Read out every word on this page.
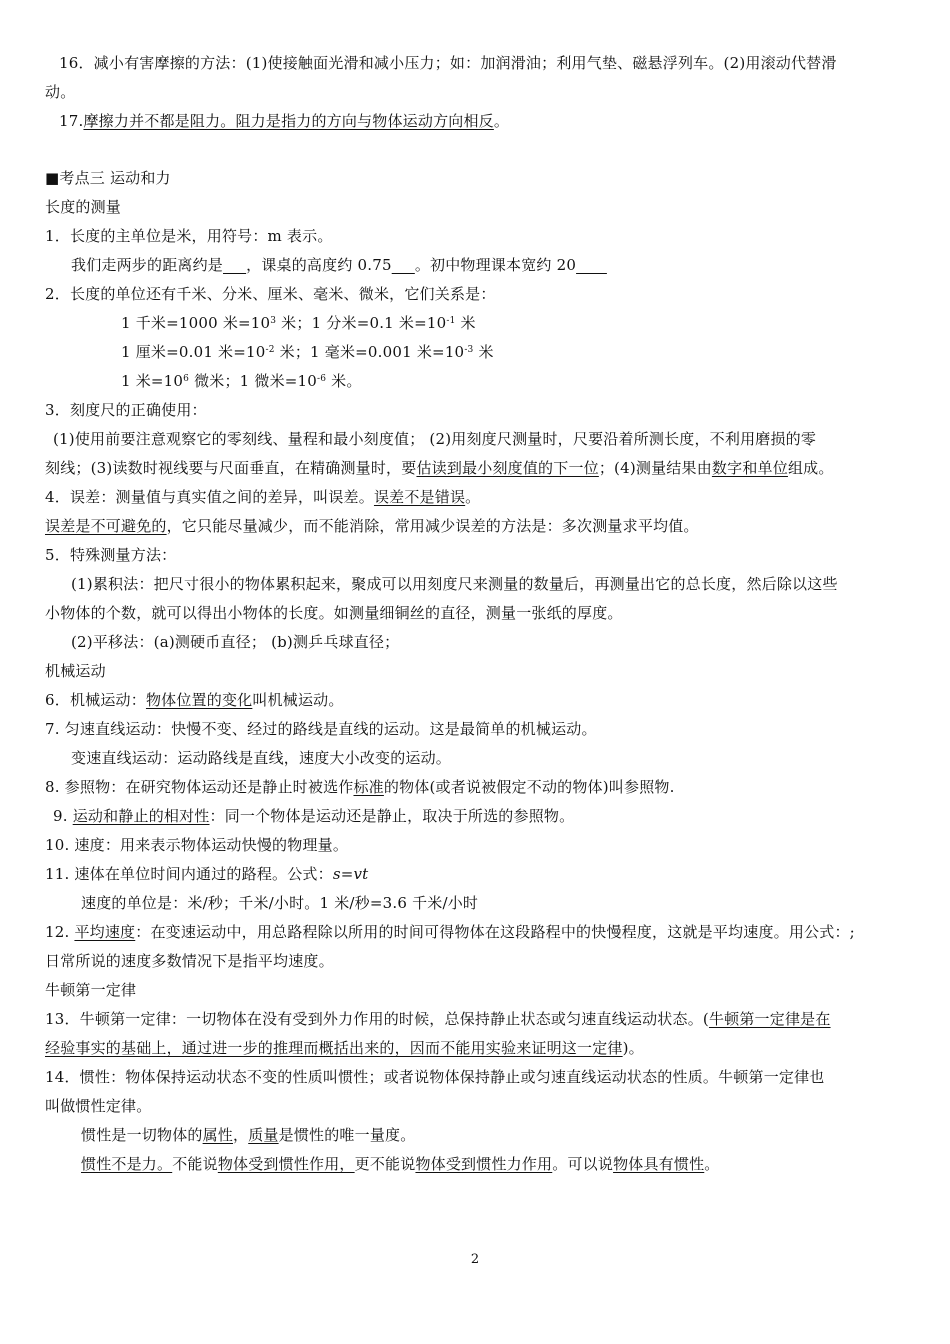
16．减小有害摩擦的方法：(1)使接触面光滑和减小压力；如：加润滑油；利用气垫、磁悬浮列车。(2)用滚动代替滑
动。
17.摩擦力并不都是阻力。阻力是指力的方向与物体运动方向相反。
■考点三 运动和力
长度的测量
1．长度的主单位是米，用符号：m 表示。
我们走两步的距离约是    ，课桌的高度约 0.75    。初中物理课本宽约 20    
2．长度的单位还有千米、分米、厘米、毫米、微米，它们关系是：
1 千米=1000 米$=10^3$ 米；1 分米=0.1 米$=10^{-1}$ 米
1 厘米=0.01 米$=10^{-2}$ 米；1 毫米=0.001 米$=10^{-3}$ 米
1 米$=10^6$ 微米；1 微米$=10^{-6}$ 米。
3．刻度尺的正确使用：
(1)使用前要注意观察它的零刻线、量程和最小刻度值； (2)用刻度尺测量时，尺要沿着所测长度，不利用磨损的零
刻线；(3)读数时视线要与尺面垂直，在精确测量时，要估读到最小刻度值的下一位；(4)测量结果由数字和单位组成。
4．误差：测量值与真实值之间的差异，叫误差。误差不是错误。
误差是不可避免的，它只能尽量减少，而不能消除，常用减少误差的方法是：多次测量求平均值。
5．特殊测量方法：
(1)累积法：把尺寸很小的物体累积起来，聚成可以用刻度尺来测量的数量后，再测量出它的总长度，然后除以这些
小物体的个数，就可以得出小物体的长度。如测量细铜丝的直径，测量一张纸的厚度。
(2)平移法：(a)测硬币直径； (b)测乒乓球直径；
机械运动
6．机械运动：物体位置的变化叫机械运动。
7. 匀速直线运动：快慢不变、经过的路线是直线的运动。这是最简单的机械运动。
变速直线运动：运动路线是直线，速度大小改变的运动。
8. 参照物：在研究物体运动还是静止时被选作标准的物体(或者说被假定不动的物体)叫参照物.
9. 运动和静止的相对性：同一个物体是运动还是静止，取决于所选的参照物。
10. 速度：用来表示物体运动快慢的物理量。
11. 速体在单位时间内通过的路程。公式：s=vt
速度的单位是：米/秒；千米/小时。1 米/秒=3.6 千米/小时
12. 平均速度：在变速运动中，用总路程除以所用的时间可得物体在这段路程中的快慢程度，这就是平均速度。用公式：;
日常所说的速度多数情况下是指平均速度。
牛顿第一定律
13．牛顿第一定律：一切物体在没有受到外力作用的时候，总保持静止状态或匀速直线运动状态。(牛顿第一定律是在
经验事实的基础上，通过进一步的推理而概括出来的，因而不能用实验来证明这一定律)。
14．惯性：物体保持运动状态不变的性质叫惯性；或者说物体保持静止或匀速直线运动状态的性质。牛顿第一定律也
叫做惯性定律。
惯性是一切物体的属性，质量是惯性的唯一量度。
惯性不是力。不能说物体受到惯性作用，更不能说物体受到惯性力作用。可以说物体具有惯性。
2
